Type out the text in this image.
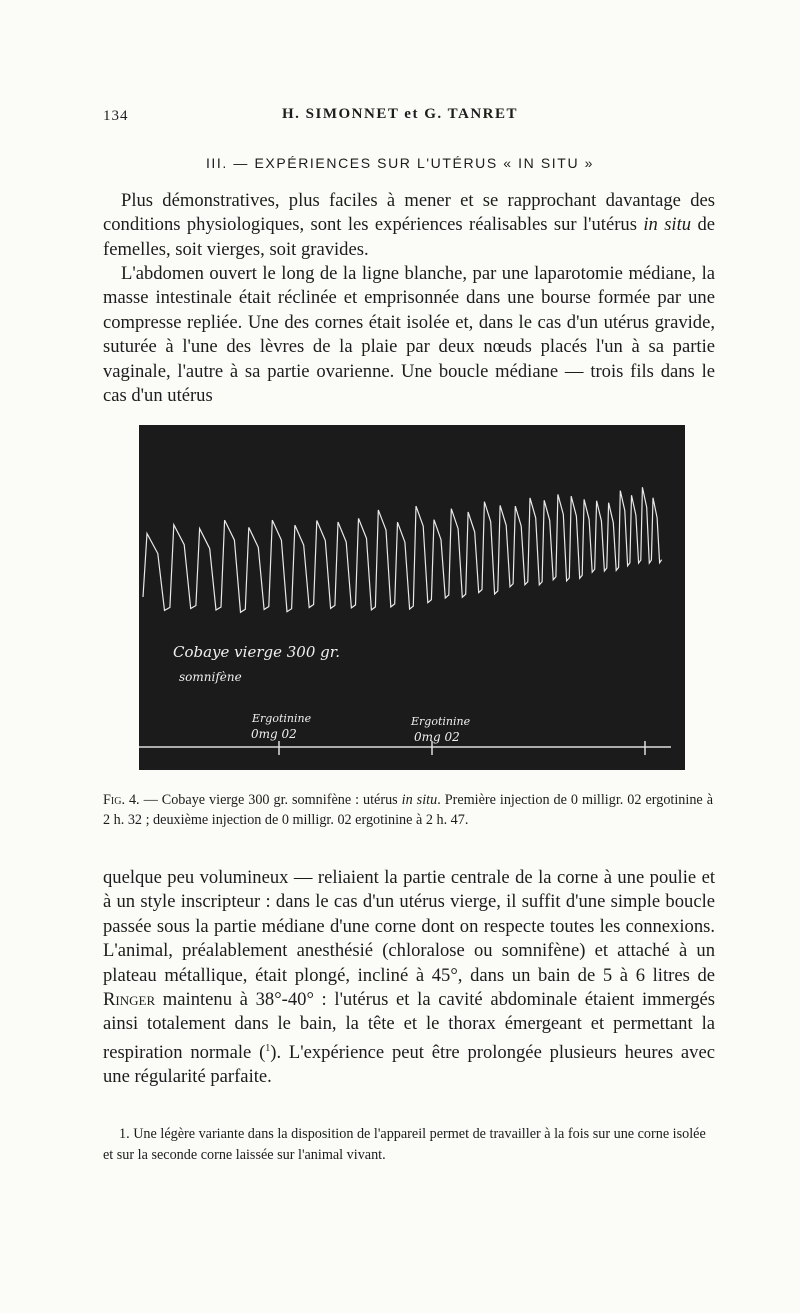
134	H. SIMONNET et G. TANRET
III. — EXPÉRIENCES SUR L'UTÉRUS « IN SITU »

Plus démonstratives, plus faciles à mener et se rapprochant davantage des conditions physiologiques, sont les expériences réalisables sur l'utérus in situ de femelles, soit vierges, soit gravides.

L'abdomen ouvert le long de la ligne blanche, par une laparotomie médiane, la masse intestinale était réclinée et emprisonnée dans une bourse formée par une compresse repliée. Une des cornes était isolée et, dans le cas d'un utérus gravide, suturée à l'une des lèvres de la plaie par deux nœuds placés l'un à sa partie vaginale, l'autre à sa partie ovarienne. Une boucle médiane — trois fils dans le cas d'un utérus

Cobaye vierge 300 gr.
somnifène
Ergotinine
0mg 02
Ergotinine
0mg 02

Fig. 4. — Cobaye vierge 300 gr. somnifène : utérus in situ. Première injection de 0 milligr. 02 ergotinine à 2 h. 32 ; deuxième injection de 0 milligr. 02 ergotinine à 2 h. 47.

quelque peu volumineux — reliaient la partie centrale de la corne à une poulie et à un style inscripteur : dans le cas d'un utérus vierge, il suffit d'une simple boucle passée sous la partie médiane d'une corne dont on respecte toutes les connexions. L'animal, préalablement anesthésié (chloralose ou somnifène) et attaché à un plateau métallique, était plongé, incliné à 45°, dans un bain de 5 à 6 litres de Ringer maintenu à 38°-40° : l'utérus et la cavité abdominale étaient immergés ainsi totalement dans le bain, la tête et le thorax émergeant et permettant la respiration normale ($^1$). L'expérience peut être prolongée plusieurs heures avec une régularité parfaite.

1. Une légère variante dans la disposition de l'appareil permet de travailler à la fois sur une corne isolée et sur la seconde corne laissée sur l'animal vivant.
